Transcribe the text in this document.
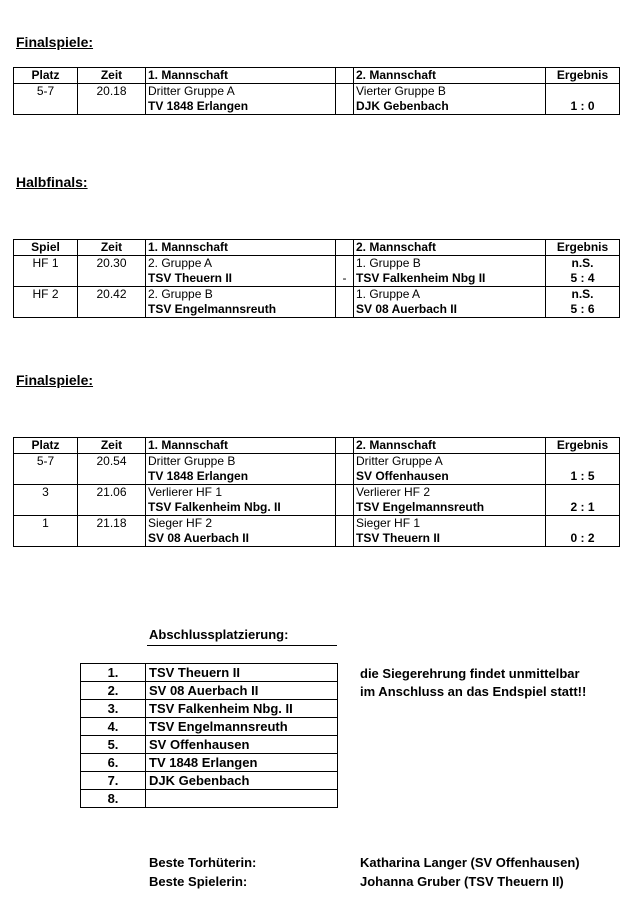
Finalspiele:
Platz	Zeit	1. Mannschaft		2. Mannschaft	Ergebnis
5-7	20.18	Dritter Gruppe A		Vierter Gruppe B	
		TV 1848 Erlangen		DJK Gebenbach	1 : 0
Halbfinals:
Spiel	Zeit	1. Mannschaft		2. Mannschaft	Ergebnis
HF 1	20.30	2. Gruppe A		1. Gruppe B	n.S.
		TSV Theuern II	-	TSV Falkenheim Nbg II	5 : 4
HF 2	20.42	2. Gruppe B		1. Gruppe A	n.S.
		TSV Engelmannsreuth		SV 08 Auerbach II	5 : 6
Finalspiele:
Platz	Zeit	1. Mannschaft		2. Mannschaft	Ergebnis
5-7	20.54	Dritter Gruppe B		Dritter Gruppe A	
		TV 1848 Erlangen		SV Offenhausen	1 : 5
3	21.06	Verlierer HF 1		Verlierer HF 2	
		TSV Falkenheim Nbg. II		TSV Engelmannsreuth	2 : 1
1	21.18	Sieger HF 2		Sieger HF 1	
		SV 08 Auerbach II		TSV Theuern II	0 : 2
Abschlussplatzierung:
1.	TSV Theuern II
2.	SV 08 Auerbach II
3.	TSV Falkenheim Nbg. II
4.	TSV Engelmannsreuth
5.	SV Offenhausen
6.	TV 1848 Erlangen
7.	DJK Gebenbach
8.	
die Siegerehrung findet unmittelbar
im Anschluss an das Endspiel statt!!
Beste Torhüterin:	Katharina Langer (SV Offenhausen)
Beste Spielerin:	Johanna Gruber (TSV Theuern II)
